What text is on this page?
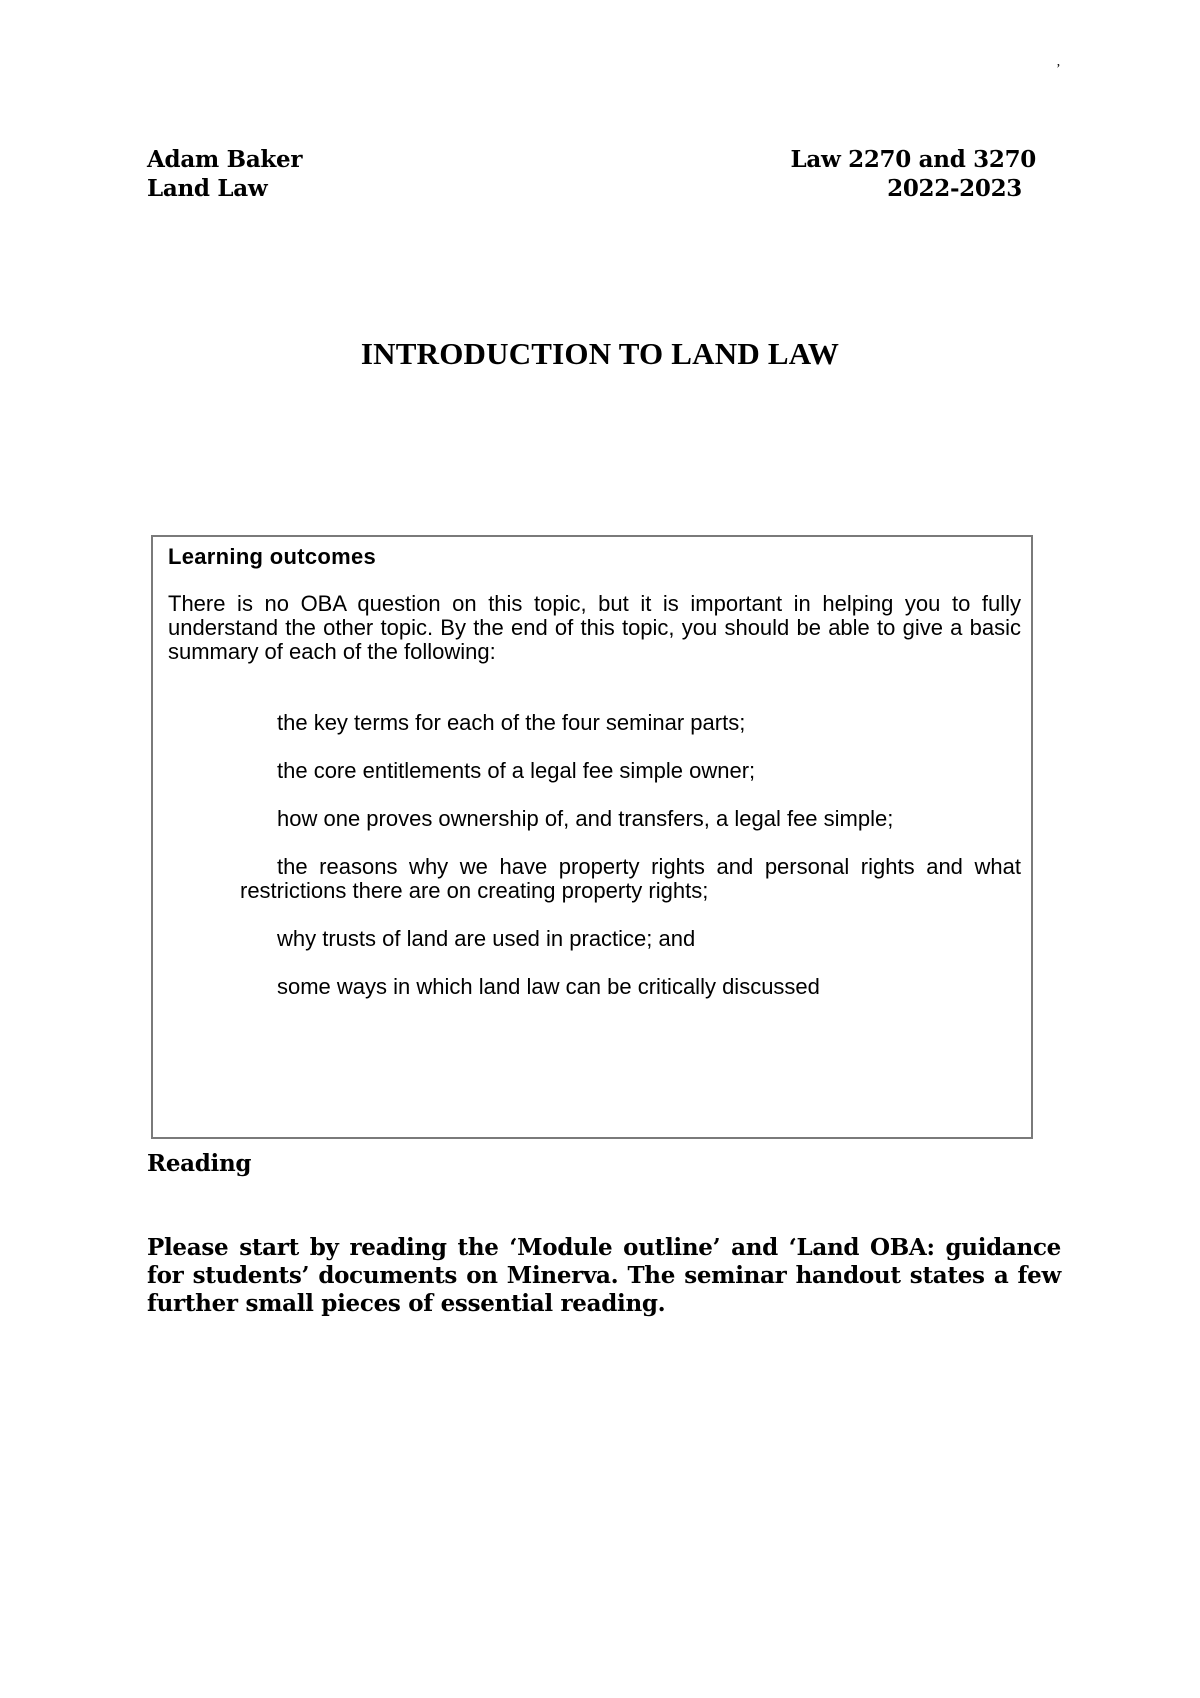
’
Adam Baker
Land Law
Law 2270 and 3270
2022-2023
INTRODUCTION TO LAND LAW
Learning outcomes
There is no OBA question on this topic, but it is important in helping you to fully understand the other topic. By the end of this topic, you should be able to give a basic summary of each of the following:
the key terms for each of the four seminar parts;
the core entitlements of a legal fee simple owner;
how one proves ownership of, and transfers, a legal fee simple;
the reasons why we have property rights and personal rights and what restrictions there are on creating property rights;
why trusts of land are used in practice; and
some ways in which land law can be critically discussed
Reading
Please start by reading the ‘Module outline’ and ‘Land OBA: guidance for students’ documents on Minerva. The seminar handout states a few further small pieces of essential reading.
